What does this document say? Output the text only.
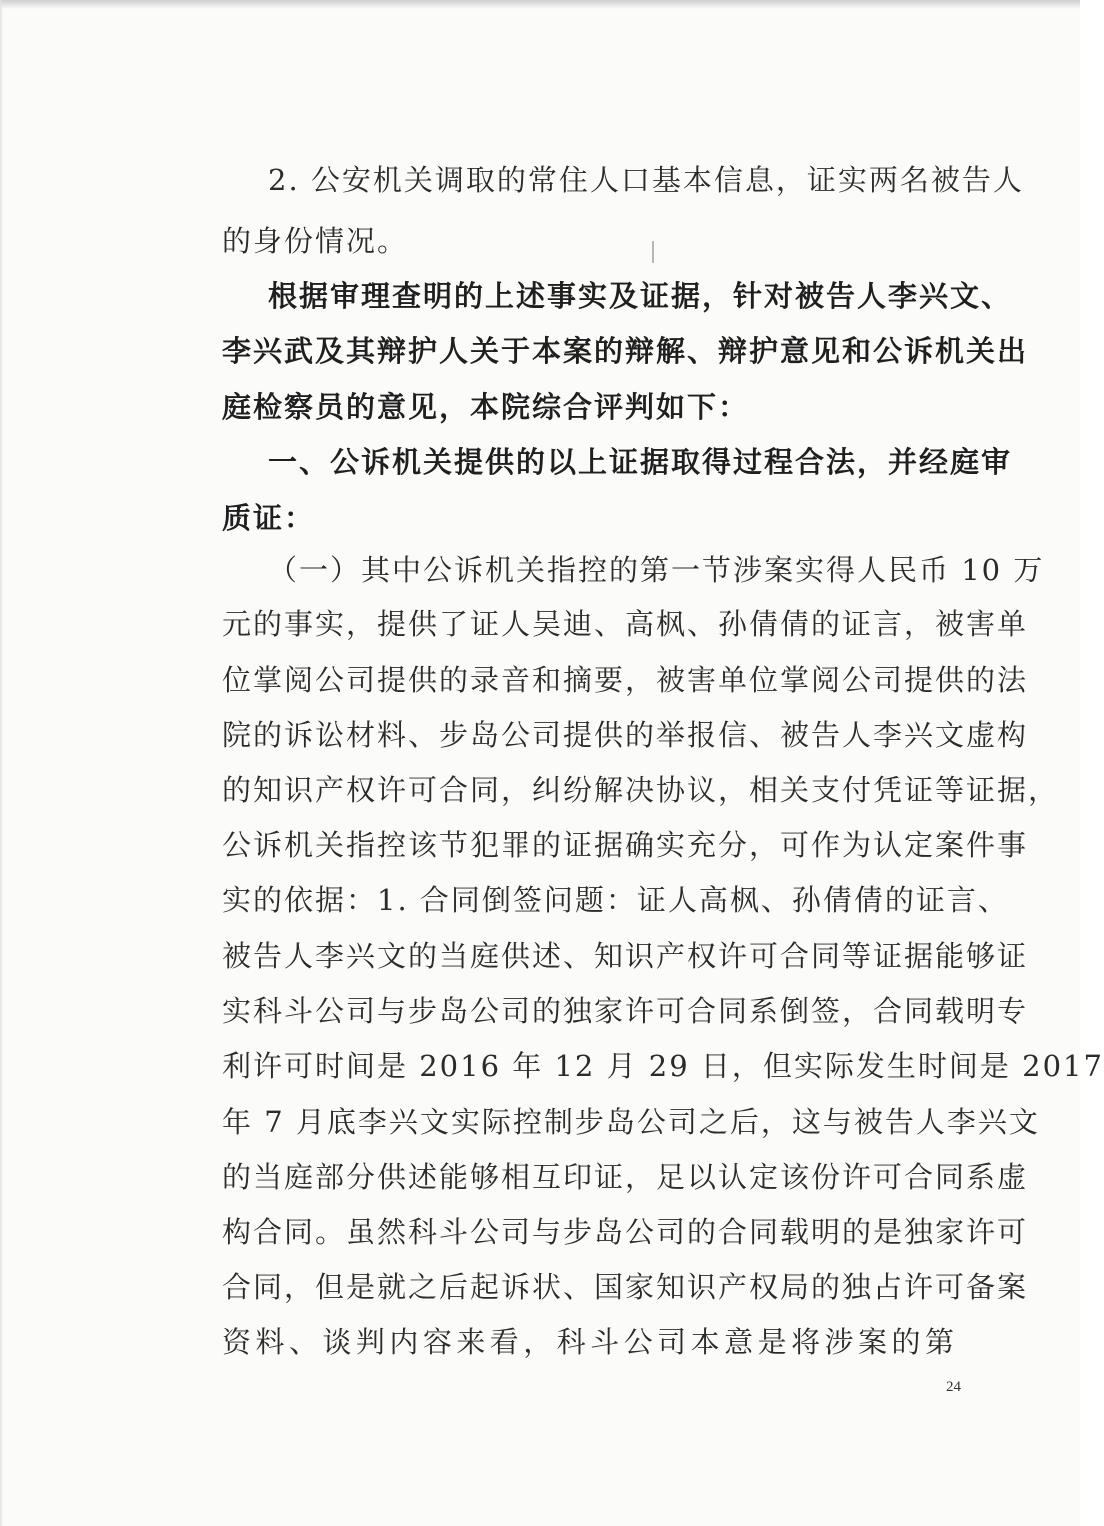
2. 公安机关调取的常住人口基本信息，证实两名被告人
的身份情况。
根据审理查明的上述事实及证据，针对被告人李兴文、
李兴武及其辩护人关于本案的辩解、辩护意见和公诉机关出
庭检察员的意见，本院综合评判如下：
一、公诉机关提供的以上证据取得过程合法，并经庭审
质证：
（一）其中公诉机关指控的第一节涉案实得人民币 10 万
元的事实，提供了证人吴迪、高枫、孙倩倩的证言，被害单
位掌阅公司提供的录音和摘要，被害单位掌阅公司提供的法
院的诉讼材料、步岛公司提供的举报信、被告人李兴文虚构
的知识产权许可合同，纠纷解决协议，相关支付凭证等证据，
公诉机关指控该节犯罪的证据确实充分，可作为认定案件事
实的依据：1. 合同倒签问题：证人高枫、孙倩倩的证言、
被告人李兴文的当庭供述、知识产权许可合同等证据能够证
实科斗公司与步岛公司的独家许可合同系倒签，合同载明专
利许可时间是 2016 年 12 月 29 日，但实际发生时间是 2017
年 7 月底李兴文实际控制步岛公司之后，这与被告人李兴文
的当庭部分供述能够相互印证，足以认定该份许可合同系虚
构合同。虽然科斗公司与步岛公司的合同载明的是独家许可
合同，但是就之后起诉状、国家知识产权局的独占许可备案
资料、谈判内容来看，科斗公司本意是将涉案的第
24
